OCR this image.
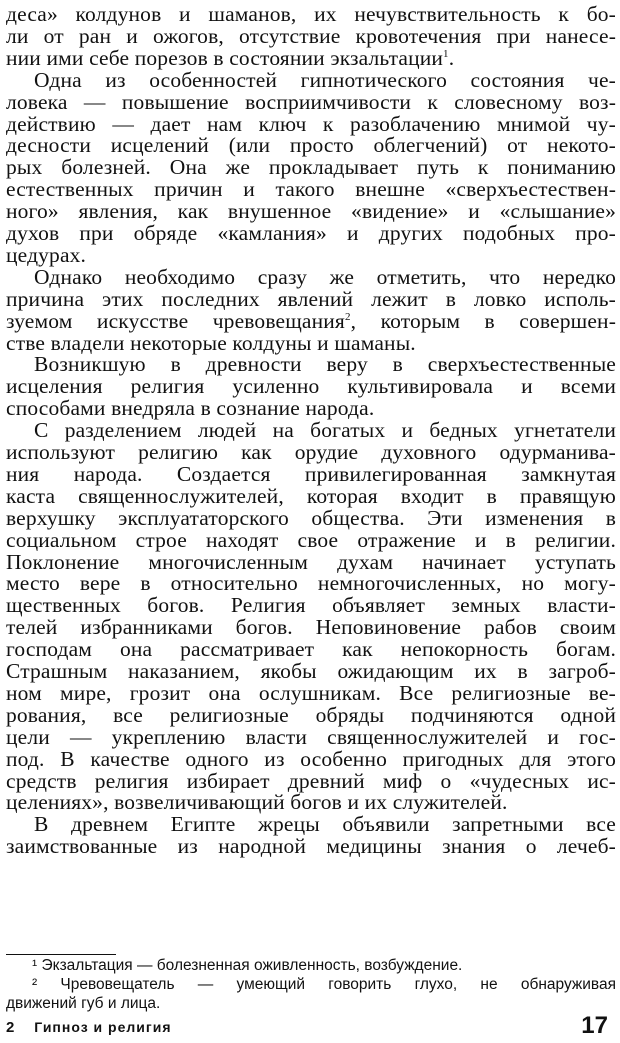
деса» колдунов и шаманов, их нечувствительность к бо-
ли от ран и ожогов, отсутствие кровотечения при нанесе-
нии ими себе порезов в состоянии экзальтации$^1$.
Одна из особенностей гипнотического состояния че-
ловека — повышение восприимчивости к словесному воз-
действию — дает нам ключ к разоблачению мнимой чу-
десности исцелений (или просто облегчений) от некото-
рых болезней. Она же прокладывает путь к пониманию
естественных причин и такого внешне «сверхъестествен-
ного» явления, как внушенное «видение» и «слышание»
духов при обряде «камлания» и других подобных про-
цедурах.
Однако необходимо сразу же отметить, что нередко
причина этих последних явлений лежит в ловко исполь-
зуемом искусстве чревовещания$^2$, которым в совершен-
стве владели некоторые колдуны и шаманы.
Возникшую в древности веру в сверхъестественные
исцеления религия усиленно культивировала и всеми
способами внедряла в сознание народа.
С разделением людей на богатых и бедных угнетатели
используют религию как орудие духовного одурманива-
ния народа. Создается привилегированная замкнутая
каста священнослужителей, которая входит в правящую
верхушку эксплуататорского общества. Эти изменения в
социальном строе находят свое отражение и в религии.
Поклонение многочисленным духам начинает уступать
место вере в относительно немногочисленных, но могу-
щественных богов. Религия объявляет земных власти-
телей избранниками богов. Неповиновение рабов своим
господам она рассматривает как непокорность богам.
Страшным наказанием, якобы ожидающим их в загроб-
ном мире, грозит она ослушникам. Все религиозные ве-
рования, все религиозные обряды подчиняются одной
цели — укреплению власти священнослужителей и гос-
под. В качестве одного из особенно пригодных для этого
средств религия избирает древний миф о «чудесных ис-
целениях», возвеличивающий богов и их служителей.
В древнем Египте жрецы объявили запретными все
заимствованные из народной медицины знания о лечеб-
¹ Экзальтация — болезненная оживленность, возбуждение.
² Чревовещатель — умеющий говорить глухо, не обнаруживая
движений губ и лица.
2 Гипноз и религия	17
